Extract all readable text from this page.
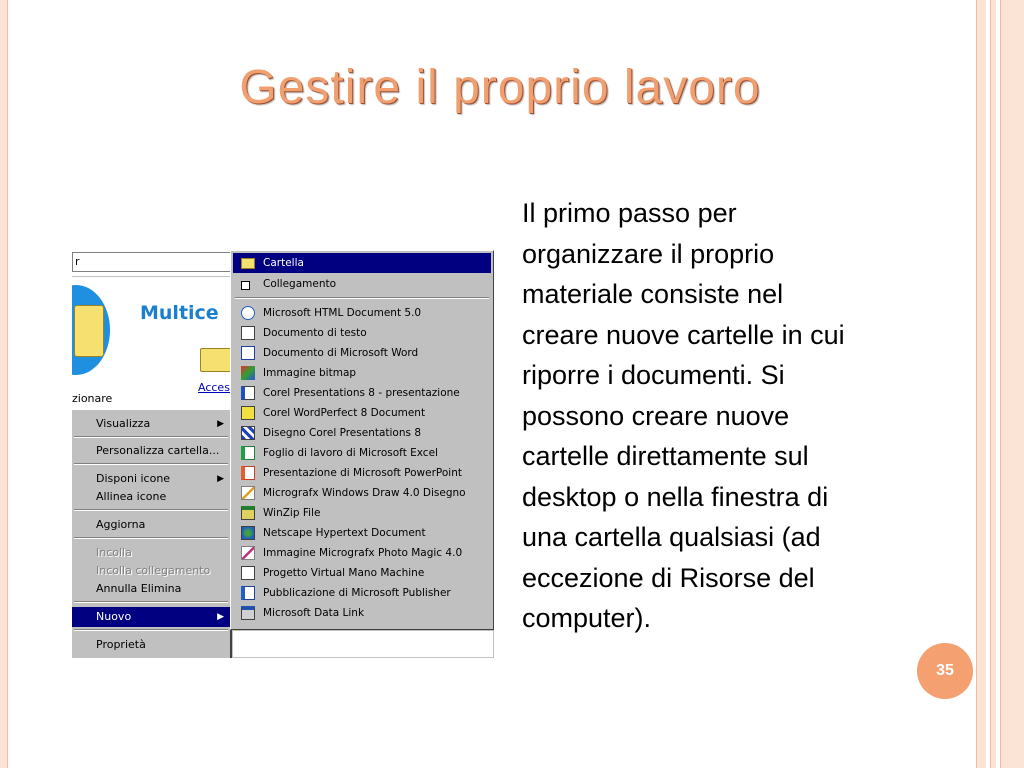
Gestire il proprio lavoro
r
Multice
Acces
zionare
Visualizza	▶
Personalizza cartella...
Disponi icone	▶
Allinea icone
Aggiorna
Incolla
Incolla collegamento
Annulla Elimina
Nuovo	▶
Proprietà
Cartella
Collegamento
Microsoft HTML Document 5.0
Documento di testo
Documento di Microsoft Word
Immagine bitmap
Corel Presentations 8 - presentazione
Corel WordPerfect 8 Document
Disegno Corel Presentations 8
Foglio di lavoro di Microsoft Excel
Presentazione di Microsoft PowerPoint
Micrografx Windows Draw 4.0 Disegno
WinZip File
Netscape Hypertext Document
Immagine Micrografx Photo Magic 4.0
Progetto Virtual Mano Machine
Pubblicazione di Microsoft Publisher
Microsoft Data Link
Il primo passo per
organizzare il proprio
materiale consiste nel
creare nuove cartelle in cui
riporre i documenti. Si
possono creare nuove
cartelle direttamente sul
desktop o nella finestra di
una cartella qualsiasi (ad
eccezione di Risorse del
computer).
35
